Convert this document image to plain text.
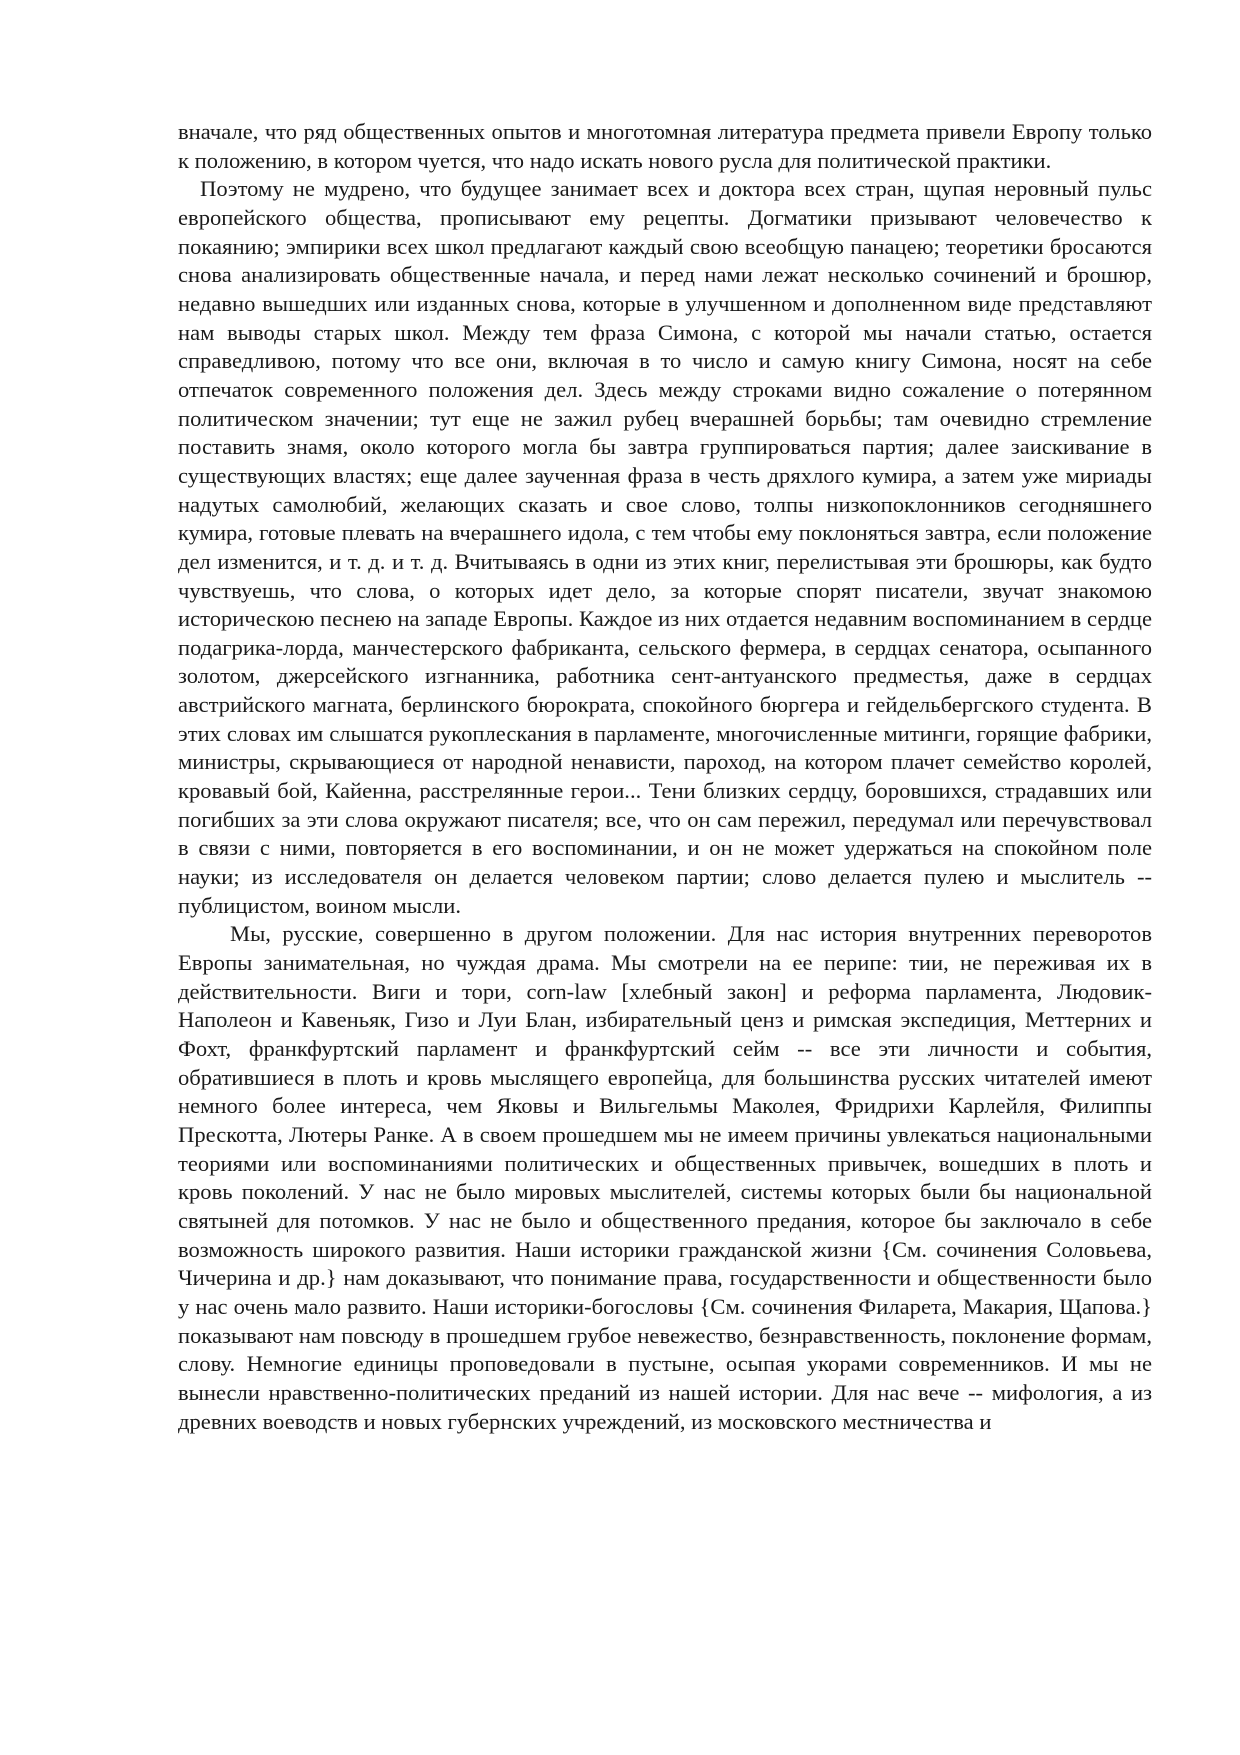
вначале, что ряд общественных опытов и многотомная литература предмета привели Европу только к положению, в котором чуется, что надо искать нового русла для политической практики.

Поэтому не мудрено, что будущее занимает всех и доктора всех стран, щупая неровный пульс европейского общества, прописывают ему рецепты. Догматики призывают человечество к покаянию; эмпирики всех школ предлагают каждый свою всеобщую панацею; теоретики бросаются снова анализировать общественные начала, и перед нами лежат несколько сочинений и брошюр, недавно вышедших или изданных снова, которые в улучшенном и дополненном виде представляют нам выводы старых школ. Между тем фраза Симона, с которой мы начали статью, остается справедливою, потому что все они, включая в то число и самую книгу Симона, носят на себе отпечаток современного положения дел. Здесь между строками видно сожаление о потерянном политическом значении; тут еще не зажил рубец вчерашней борьбы; там очевидно стремление поставить знамя, около которого могла бы завтра группироваться партия; далее заискивание в существующих властях; еще далее заученная фраза в честь дряхлого кумира, а затем уже мириады надутых самолюбий, желающих сказать и свое слово, толпы низкопоклонников сегодняшнего кумира, готовые плевать на вчерашнего идола, с тем чтобы ему поклоняться завтра, если положение дел изменится, и т. д. и т. д. Вчитываясь в одни из этих книг, перелистывая эти брошюры, как будто чувствуешь, что слова, о которых идет дело, за которые спорят писатели, звучат знакомою историческою песнею на западе Европы. Каждое из них отдается недавним воспоминанием в сердце подагрика-лорда, манчестерского фабриканта, сельского фермера, в сердцах сенатора, осыпанного золотом, джерсейского изгнанника, работника сент-антуанского предместья, даже в сердцах австрийского магната, берлинского бюрократа, спокойного бюргера и гейдельбергского студента. В этих словах им слышатся рукоплескания в парламенте, многочисленные митинги, горящие фабрики, министры, скрывающиеся от народной ненависти, пароход, на котором плачет семейство королей, кровавый бой, Кайенна, расстрелянные герои... Тени близких сердцу, боровшихся, страдавших или погибших за эти слова окружают писателя; все, что он сам пережил, передумал или перечувствовал в связи с ними, повторяется в его воспоминании, и он не может удержаться на спокойном поле науки; из исследователя он делается человеком партии; слово делается пулею и мыслитель -- публицистом, воином мысли.

Мы, русские, совершенно в другом положении. Для нас история внутренних переворотов Европы занимательная, но чуждая драма. Мы смотрели на ее перипе: тии, не переживая их в действительности. Виги и тори, corn-law [хлебный закон] и реформа парламента, Людовик-Наполеон и Кавеньяк, Гизо и Луи Блан, избирательный ценз и римская экспедиция, Меттерних и Фохт, франкфуртский парламент и франкфуртский сейм -- все эти личности и события, обратившиеся в плоть и кровь мыслящего европейца, для большинства русских читателей имеют немного более интереса, чем Яковы и Вильгельмы Маколея, Фридрихи Карлейля, Филиппы Прескотта, Лютеры Ранке. А в своем прошедшем мы не имеем причины увлекаться национальными теориями или воспоминаниями политических и общественных привычек, вошедших в плоть и кровь поколений. У нас не было мировых мыслителей, системы которых были бы национальной святыней для потомков. У нас не было и общественного предания, которое бы заключало в себе возможность широкого развития. Наши историки гражданской жизни {См. сочинения Соловьева, Чичерина и др.} нам доказывают, что понимание права, государственности и общественности было у нас очень мало развито. Наши историки-богословы {См. сочинения Филарета, Макария, Щапова.} показывают нам повсюду в прошедшем грубое невежество, безнравственность, поклонение формам, слову. Немногие единицы проповедовали в пустыне, осыпая укорами современников. И мы не вынесли нравственно-политических преданий из нашей истории. Для нас вече -- мифология, а из древних воеводств и новых губернских учреждений, из московского местничества и
